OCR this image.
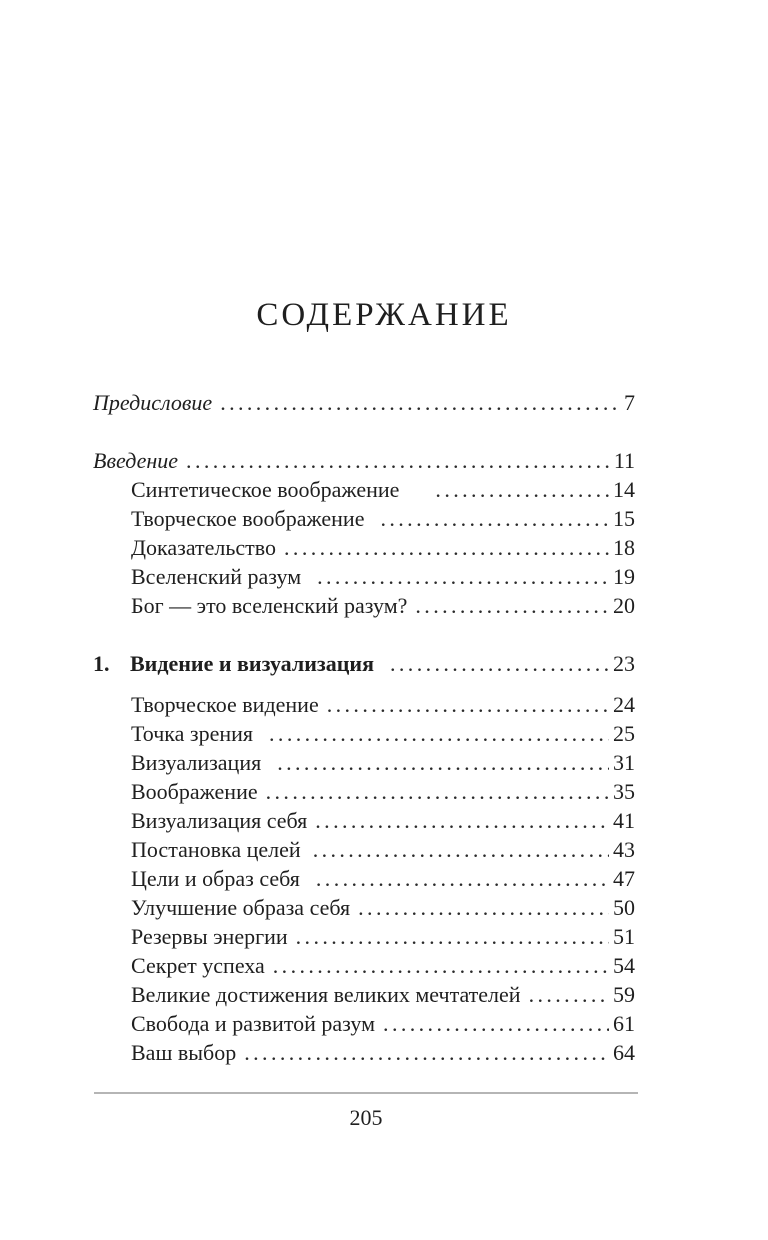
СОДЕРЖАНИЕ
Предисловие .....	7
Введение .....	11
Синтетическое воображение .....	14
Творческое воображение .....	15
Доказательство .....	18
Вселенский разум .....	19
Бог — это вселенский разум? .....	20
1. Видение и визуализация .....	23
Творческое видение .....	24
Точка зрения .....	25
Визуализация .....	31
Воображение .....	35
Визуализация себя .....	41
Постановка целей .....	43
Цели и образ себя .....	47
Улучшение образа себя .....	50
Резервы энергии .....	51
Секрет успеха .....	54
Великие достижения великих мечтателей .....	59
Свобода и развитой разум .....	61
Ваш выбор .....	64
205
